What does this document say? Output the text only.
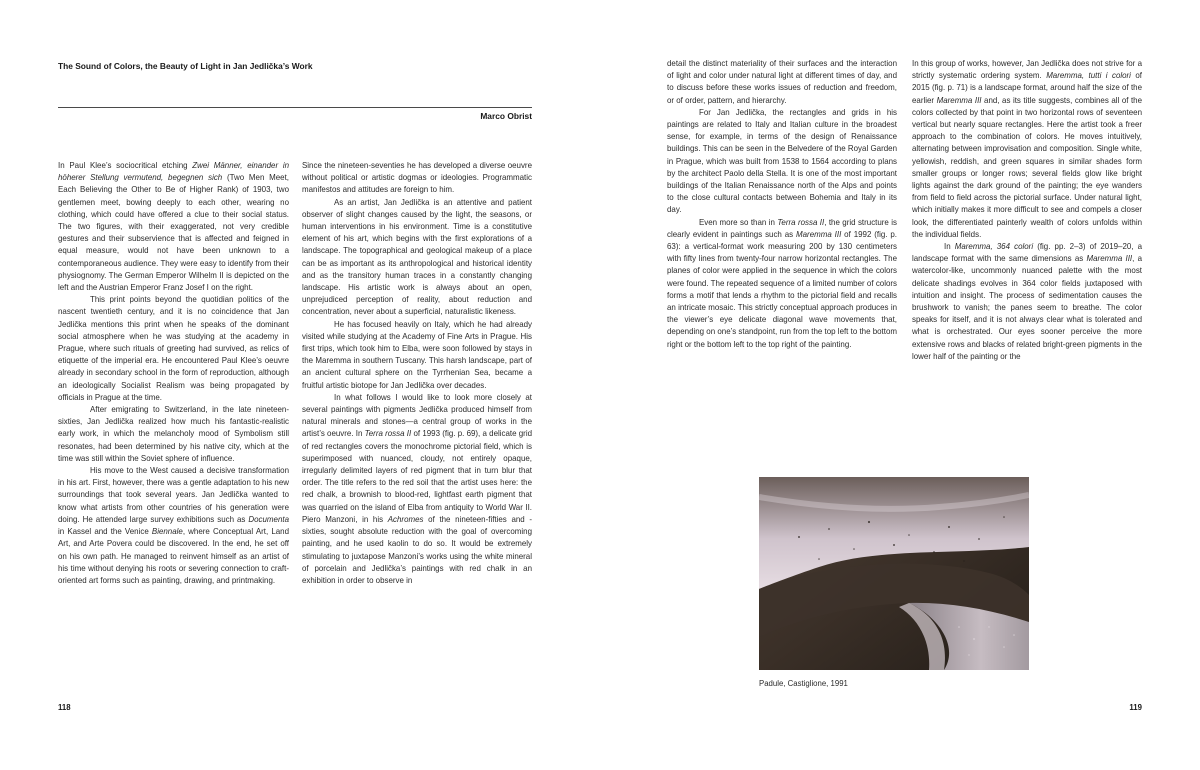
The Sound of Colors, the Beauty of Light in Jan Jedlička’s Work
Marco Obrist

In Paul Klee’s sociocritical etching Zwei Männer, einander in höherer Stellung vermutend, begegnen sich (Two Men Meet, Each Believing the Other to Be of Higher Rank) of 1903, two gentlemen meet, bowing deeply to each other, wearing no clothing, which could have offered a clue to their social status. The two figures, with their exaggerated, not very credible gestures and their subservience that is affected and feigned in equal measure, would not have been unknown to a contemporaneous audience. They were easy to identify from their physiognomy. The German Emperor Wilhelm II is depicted on the left and the Austrian Emperor Franz Josef I on the right.

This print points beyond the quotidian politics of the nascent twentieth century, and it is no coincidence that Jan Jedlička mentions this print when he speaks of the dominant social atmosphere when he was studying at the academy in Prague, where such rituals of greeting had survived, as relics of etiquette of the imperial era. He encountered Paul Klee’s oeuvre already in secondary school in the form of reproduction, although an ideologically Socialist Realism was being propagated by officials in Prague at the time.

After emigrating to Switzerland, in the late nineteen-sixties, Jan Jedlička realized how much his fantastic-realistic early work, in which the melancholy mood of Symbolism still resonates, had been determined by his native city, which at the time was still within the Soviet sphere of influence.

His move to the West caused a decisive transformation in his art. First, however, there was a gentle adaptation to his new surroundings that took several years. Jan Jedlička wanted to know what artists from other countries of his generation were doing. He attended large survey exhibitions such as Documenta in Kassel and the Venice Biennale, where Conceptual Art, Land Art, and Arte Povera could be discovered. In the end, he set off on his own path. He managed to reinvent himself as an artist of his time without denying his roots or severing connection to craft-oriented art forms such as painting, drawing, and printmaking.

Since the nineteen-seventies he has developed a diverse oeuvre without political or artistic dogmas or ideologies. Programmatic manifestos and attitudes are foreign to him.

As an artist, Jan Jedlička is an attentive and patient observer of slight changes caused by the light, the seasons, or human interventions in his environment. Time is a constitutive element of his art, which begins with the first explorations of a landscape. The topographical and geological makeup of a place can be as important as its anthropological and historical identity and as the transitory human traces in a constantly changing landscape. His artistic work is always about an open, unprejudiced perception of reality, about reduction and concentration, never about a superficial, naturalistic likeness.

He has focused heavily on Italy, which he had already visited while studying at the Academy of Fine Arts in Prague. His first trips, which took him to Elba, were soon followed by stays in the Maremma in southern Tuscany. This harsh landscape, part of an ancient cultural sphere on the Tyrrhenian Sea, became a fruitful artistic biotope for Jan Jedlička over decades.

In what follows I would like to look more closely at several paintings with pigments Jedlička produced himself from natural minerals and stones—a central group of works in the artist’s oeuvre. In Terra rossa II of 1993 (fig. p. 69), a delicate grid of red rectangles covers the monochrome pictorial field, which is superimposed with nuanced, cloudy, not entirely opaque, irregularly delimited layers of red pigment that in turn blur that order. The title refers to the red soil that the artist uses here: the red chalk, a brownish to blood-red, lightfast earth pigment that was quarried on the island of Elba from antiquity to World War II. Piero Manzoni, in his Achromes of the nineteen-fifties and -sixties, sought absolute reduction with the goal of overcoming painting, and he used kaolin to do so. It would be extremely stimulating to juxtapose Manzoni’s works using the white mineral of porcelain and Jedlička’s paintings with red chalk in an exhibition in order to observe in

118

detail the distinct materiality of their surfaces and the interaction of light and color under natural light at different times of day, and to discuss before these works issues of reduction and freedom, or of order, pattern, and hierarchy.

For Jan Jedlička, the rectangles and grids in his paintings are related to Italy and Italian culture in the broadest sense, for example, in terms of the design of Renaissance buildings. This can be seen in the Belvedere of the Royal Garden in Prague, which was built from 1538 to 1564 according to plans by the architect Paolo della Stella. It is one of the most important buildings of the Italian Renaissance north of the Alps and points to the close cultural contacts between Bohemia and Italy in its day.

Even more so than in Terra rossa II, the grid structure is clearly evident in paintings such as Maremma III of 1992 (fig. p. 63): a vertical-format work measuring 200 by 130 centimeters with fifty lines from twenty-four narrow horizontal rectangles. The planes of color were applied in the sequence in which the colors were found. The repeated sequence of a limited number of colors forms a motif that lends a rhythm to the pictorial field and recalls an intricate mosaic. This strictly conceptual approach produces in the viewer’s eye delicate diagonal wave movements that, depending on one’s standpoint, run from the top left to the bottom right or the bottom left to the top right of the painting.

In this group of works, however, Jan Jedlička does not strive for a strictly systematic ordering system. Maremma, tutti i colori of 2015 (fig. p. 71) is a landscape format, around half the size of the earlier Maremma III and, as its title suggests, combines all of the colors collected by that point in two horizontal rows of seventeen vertical but nearly square rectangles. Here the artist took a freer approach to the combination of colors. He moves intuitively, alternating between improvisation and composition. Single white, yellowish, reddish, and green squares in similar shades form smaller groups or longer rows; several fields glow like bright lights against the dark ground of the painting; the eye wanders from field to field across the pictorial surface. Under natural light, which initially makes it more difficult to see and compels a closer look, the differentiated painterly wealth of colors unfolds within the individual fields.

In Maremma, 364 colori (fig. pp. 2–3) of 2019–20, a landscape format with the same dimensions as Maremma III, a watercolor-like, uncommonly nuanced palette with the most delicate shadings evolves in 364 color fields juxtaposed with intuition and insight. The process of sedimentation causes the brushwork to vanish; the panes seem to breathe. The color speaks for itself, and it is not always clear what is tolerated and what is orchestrated. Our eyes sooner perceive the more extensive rows and blacks of related bright-green pigments in the lower half of the painting or the

Padule, Castiglione, 1991
119
